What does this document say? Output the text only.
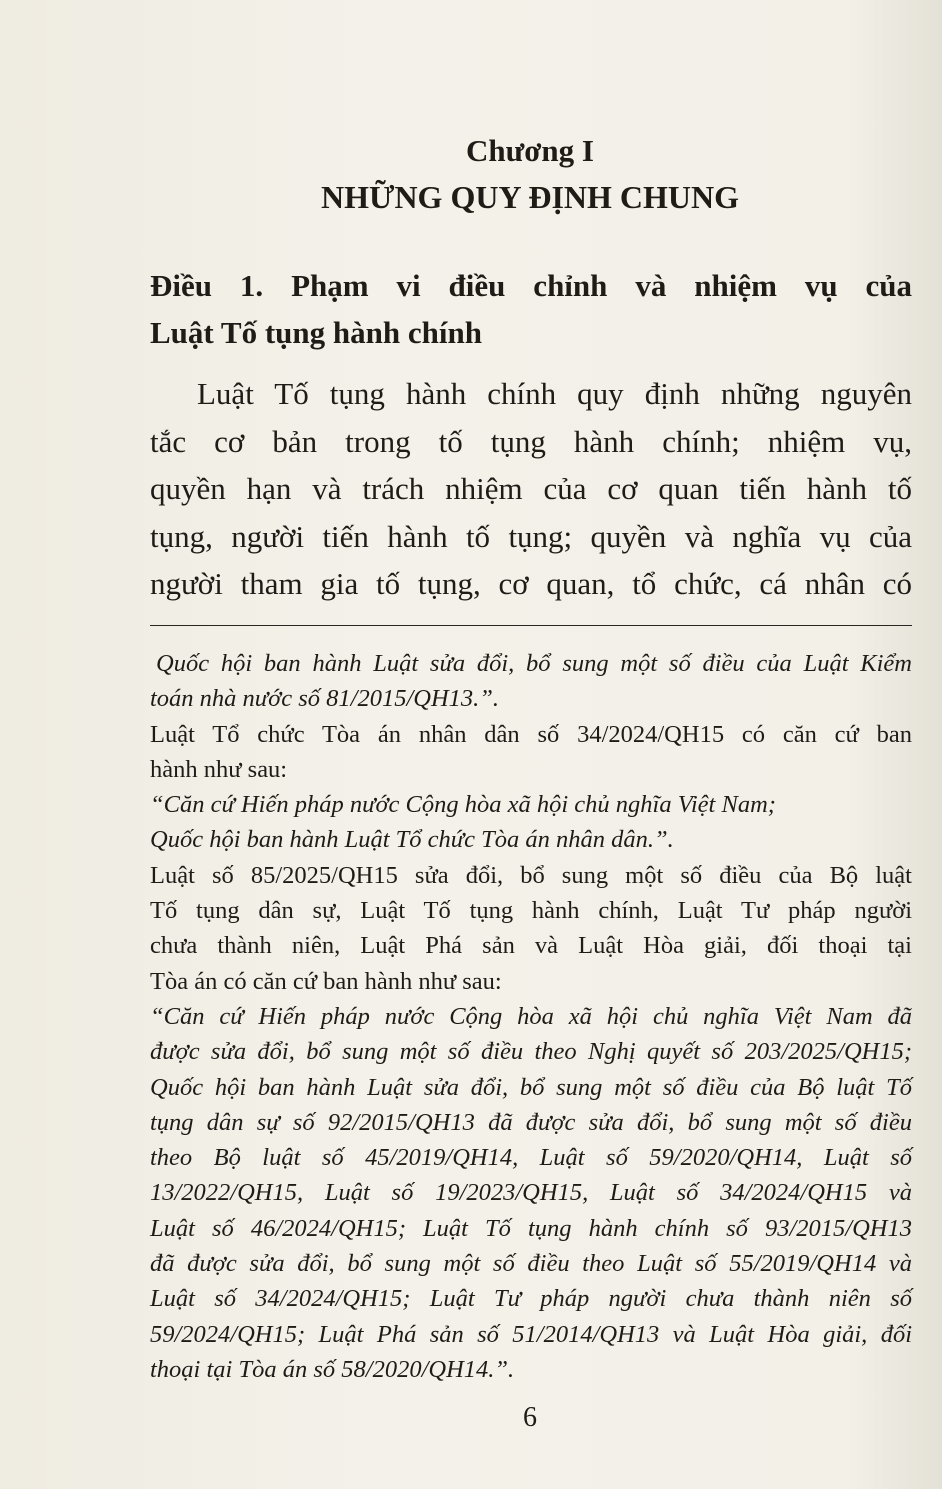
Chương I
NHỮNG QUY ĐỊNH CHUNG
Điều 1. Phạm vi điều chỉnh và nhiệm vụ của
Luật Tố tụng hành chính
Luật Tố tụng hành chính quy định những nguyên
tắc cơ bản trong tố tụng hành chính; nhiệm vụ,
quyền hạn và trách nhiệm của cơ quan tiến hành tố
tụng, người tiến hành tố tụng; quyền và nghĩa vụ của
người tham gia tố tụng, cơ quan, tổ chức, cá nhân có
Quốc hội ban hành Luật sửa đổi, bổ sung một số điều của Luật Kiểm
toán nhà nước số 81/2015/QH13.”.
Luật Tổ chức Tòa án nhân dân số 34/2024/QH15 có căn cứ ban
hành như sau:
“Căn cứ Hiến pháp nước Cộng hòa xã hội chủ nghĩa Việt Nam;
Quốc hội ban hành Luật Tổ chức Tòa án nhân dân.”.
Luật số 85/2025/QH15 sửa đổi, bổ sung một số điều của Bộ luật
Tố tụng dân sự, Luật Tố tụng hành chính, Luật Tư pháp người
chưa thành niên, Luật Phá sản và Luật Hòa giải, đối thoại tại
Tòa án có căn cứ ban hành như sau:
“Căn cứ Hiến pháp nước Cộng hòa xã hội chủ nghĩa Việt Nam đã
được sửa đổi, bổ sung một số điều theo Nghị quyết số 203/2025/QH15;
Quốc hội ban hành Luật sửa đổi, bổ sung một số điều của Bộ luật Tố
tụng dân sự số 92/2015/QH13 đã được sửa đổi, bổ sung một số điều
theo Bộ luật số 45/2019/QH14, Luật số 59/2020/QH14, Luật số
13/2022/QH15, Luật số 19/2023/QH15, Luật số 34/2024/QH15 và
Luật số 46/2024/QH15; Luật Tố tụng hành chính số 93/2015/QH13
đã được sửa đổi, bổ sung một số điều theo Luật số 55/2019/QH14 và
Luật số 34/2024/QH15; Luật Tư pháp người chưa thành niên số
59/2024/QH15; Luật Phá sản số 51/2014/QH13 và Luật Hòa giải, đối
thoại tại Tòa án số 58/2020/QH14.”.
6
